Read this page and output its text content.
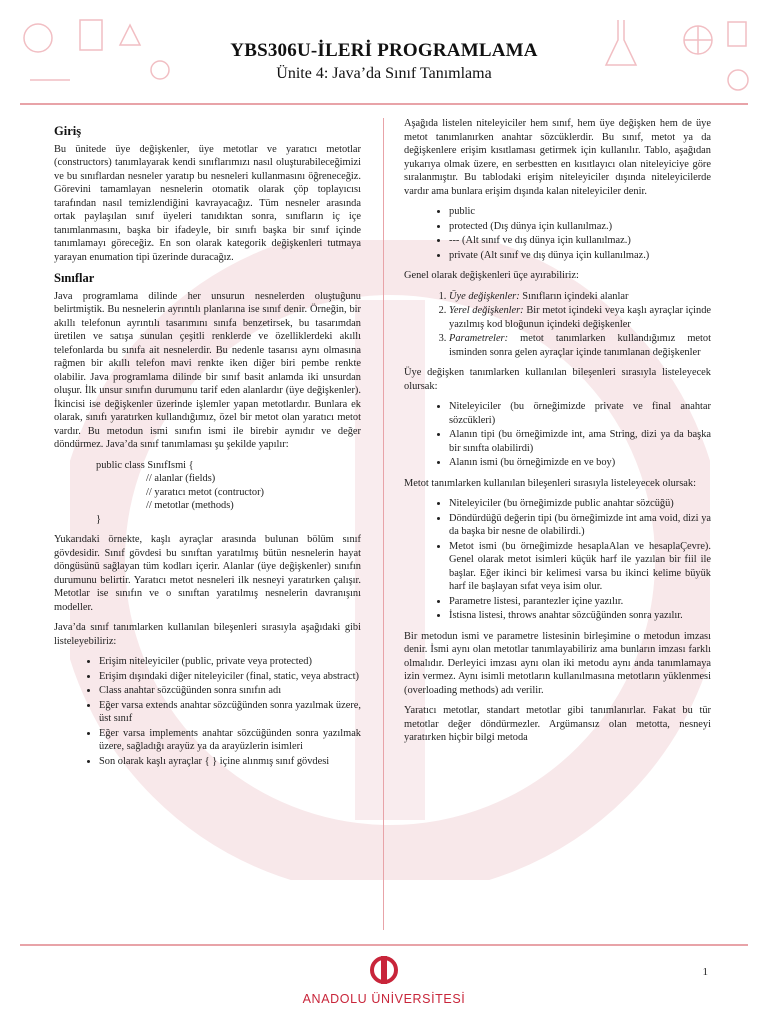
YBS306U-İLERİ PROGRAMLAMA
Ünite 4: Java’da Sınıf Tanımlama
Giriş

Bu ünitede üye değişkenler, üye metotlar ve yaratıcı metotlar (constructors) tanımlayarak kendi sınıflarımızı nasıl oluşturabileceğimizi ve bu sınıflardan nesneler yaratıp bu nesneleri kullanmasını öğreneceğiz. Görevini tamamlayan nesnelerin otomatik olarak çöp toplayıcısı tarafından nasıl temizlendiğini kavrayacağız. Tüm nesneler arasında ortak paylaşılan sınıf üyeleri tanıdıktan sonra, sınıfların iç içe tanımlanmasını, başka bir ifadeyle, bir sınıfı başka bir sınıf içinde tanımlamayı göreceğiz. En son olarak kategorik değişkenleri tutmaya yarayan enumation tipi üzerinde duracağız.

Sınıflar

Java programlama dilinde her unsurun nesnelerden oluştuğunu belirtmiştik. Bu nesnelerin ayrıntılı planlarına ise sınıf denir. Örneğin, bir akıllı telefonun ayrıntılı tasarımını sınıfa benzetirsek, bu tasarımdan üretilen ve satışa sunulan çeşitli renklerde ve özelliklerdeki akıllı telefonlarda bu sınıfa ait nesnelerdir. Bu nedenle tasarısı aynı olmasına rağmen bir akıllı telefon mavi renkte iken diğer biri pembe renkte olabilir. Java programlama dilinde bir sınıf basit anlamda iki unsurdan oluşur. İlk unsur sınıfın durumunu tarif eden alanlardır (üye değişkenler). İkincisi ise değişkenler üzerinde işlemler yapan metotlardır. Bunlara ek olarak, sınıfı yaratırken kullandığımız, özel bir metot olan yaratıcı metot vardır. Bu metodun ismi sınıfın ismi ile birebir aynıdır ve değer döndürmez. Java’da sınıf tanımlaması şu şekilde yapılır:

public class SınıfIsmi {
// alanlar (fields)
// yaratıcı metot (contructor)
// metotlar (methods)
}

Yukarıdaki örnekte, kaşlı ayraçlar arasında bulunan bölüm sınıf gövdesidir. Sınıf gövdesi bu sınıftan yaratılmış bütün nesnelerin hayat döngüsünü sağlayan tüm kodları içerir. Alanlar (üye değişkenler) sınıfın durumunu belirtir. Yaratıcı metot nesneleri ilk nesneyi yaratırken çalışır. Metotlar ise sınıfın ve o sınıftan yaratılmış nesnelerin davranışını modeller.

Java’da sınıf tanımlarken kullanılan bileşenleri sırasıyla aşağıdaki gibi listeleyebiliriz:

• Erişim niteleyiciler (public, private veya protected)
• Erişim dışındaki diğer niteleyiciler (final, static, veya abstract)
• Class anahtar sözcüğünden sonra sınıfın adı
• Eğer varsa extends anahtar sözcüğünden sonra yazılmak üzere, üst sınıf
• Eğer varsa implements anahtar sözcüğünden sonra yazılmak üzere, sağladığı arayüz ya da arayüzlerin isimleri
• Son olarak kaşlı ayraçlar { } içine alınmış sınıf gövdesi

Aşağıda listelen niteleyiciler hem sınıf, hem üye değişken hem de üye metot tanımlanırken anahtar sözcüklerdir. Bu sınıf, metot ya da değişkenlere erişim kısıtlaması getirmek için kullanılır. Tablo, aşağıdan yukarıya olmak üzere, en serbestten en kısıtlayıcı olan niteleyiciye göre sıralanmıştır. Bu tablodaki erişim niteleyiciler dışında niteleyicilerde vardır ama bunlara erişim dışında kalan niteleyiciler denir.

• public
• protected (Dış dünya için kullanılmaz.)
• --- (Alt sınıf ve dış dünya için kullanılmaz.)
• private (Alt sınıf ve dış dünya için kullanılmaz.)

Genel olarak değişkenleri üçe ayırabiliriz:

1. Üye değişkenler: Sınıfların içindeki alanlar
2. Yerel değişkenler: Bir metot içindeki veya kaşlı ayraçlar içinde yazılmış kod bloğunun içindeki değişkenler
3. Parametreler: metot tanımlarken kullandığımız metot isminden sonra gelen ayraçlar içinde tanımlanan değişkenler

Üye değişken tanımlarken kullanılan bileşenleri sırasıyla listeleyecek olursak:

• Niteleyiciler (bu örneğimizde private ve final anahtar sözcükleri)
• Alanın tipi (bu örneğimizde int, ama String, dizi ya da başka bir sınıfta olabilirdi)
• Alanın ismi (bu örneğimizde en ve boy)

Metot tanımlarken kullanılan bileşenleri sırasıyla listeleyecek olursak:

• Niteleyiciler (bu örneğimizde public anahtar sözcüğü)
• Döndürdüğü değerin tipi (bu örneğimizde int ama void, dizi ya da başka bir nesne de olabilirdi.)
• Metot ismi (bu örneğimizde hesaplaAlan ve hesaplaÇevre). Genel olarak metot isimleri küçük harf ile yazılan bir fiil ile başlar. Eğer ikinci bir kelimesi varsa bu ikinci kelime büyük harf ile başlayan sıfat veya isim olur.
• Parametre listesi, parantezler içine yazılır.
• İstisna listesi, throws anahtar sözcüğünden sonra yazılır.

Bir metodun ismi ve parametre listesinin birleşimine o metodun imzası denir. İsmi aynı olan metotlar tanımlayabiliriz ama bunların imzası farklı olmalıdır. Derleyici imzası aynı olan iki metodu aynı anda tanımlamaya izin vermez. Aynı isimli metotların kullanılmasına metotların yüklenmesi (overloading methods) adı verilir.

Yaratıcı metotlar, standart metotlar gibi tanımlanırlar. Fakat bu tür metotlar değer döndürmezler. Argümansız olan metotta, nesneyi yaratırken hiçbir bilgi metoda

1
ANADOLU ÜNİVERSİTESİ
